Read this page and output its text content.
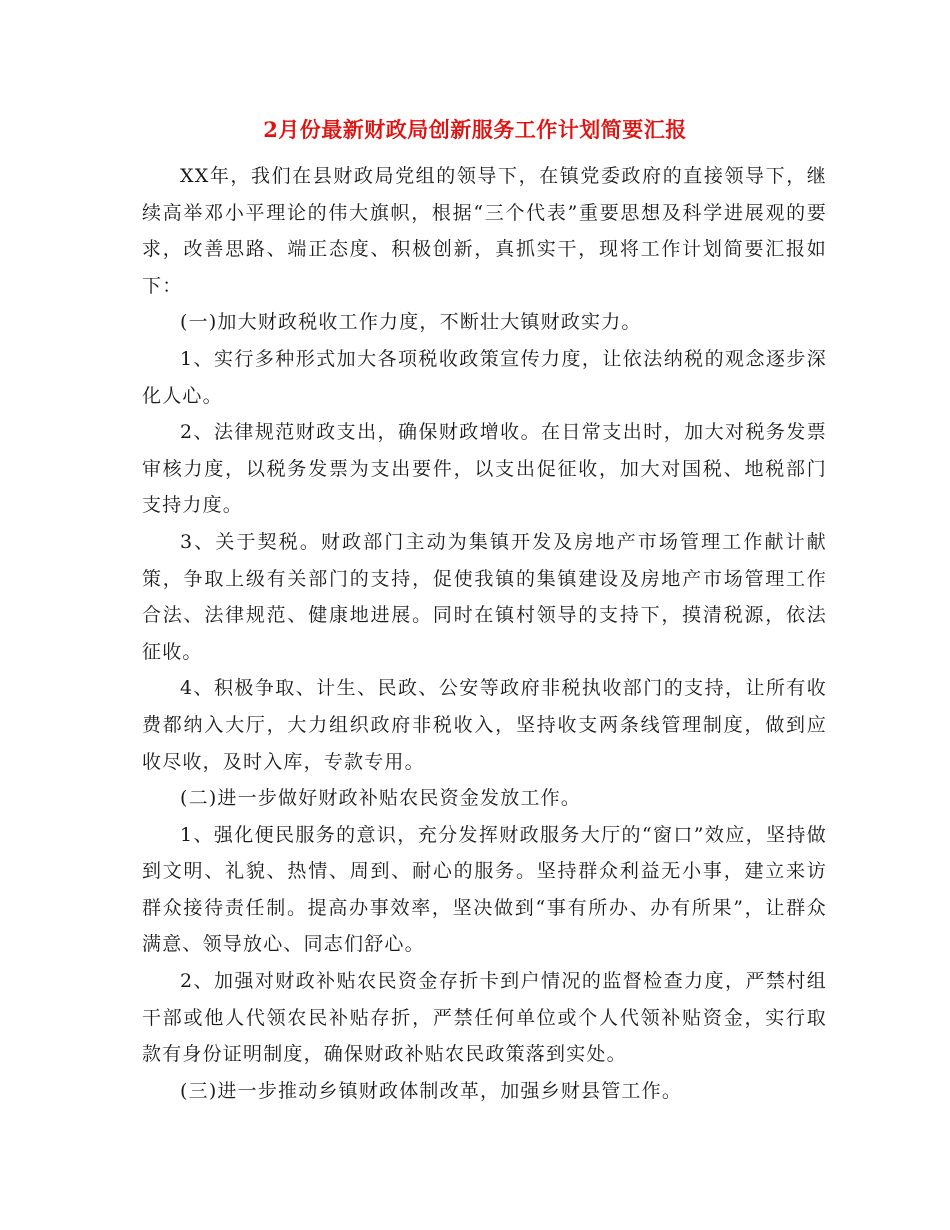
2月份最新财政局创新服务工作计划简要汇报

XX年，我们在县财政局党组的领导下，在镇党委政府的直接领导下，继续高举邓小平理论的伟大旗帜，根据“三个代表”重要思想及科学进展观的要求，改善思路、端正态度、积极创新，真抓实干，现将工作计划简要汇报如下：

(一)加大财政税收工作力度，不断壮大镇财政实力。

1、实行多种形式加大各项税收政策宣传力度，让依法纳税的观念逐步深化人心。

2、法律规范财政支出，确保财政增收。在日常支出时，加大对税务发票审核力度，以税务发票为支出要件，以支出促征收，加大对国税、地税部门支持力度。

3、关于契税。财政部门主动为集镇开发及房地产市场管理工作献计献策，争取上级有关部门的支持，促使我镇的集镇建设及房地产市场管理工作合法、法律规范、健康地进展。同时在镇村领导的支持下，摸清税源，依法征收。

4、积极争取、计生、民政、公安等政府非税执收部门的支持，让所有收费都纳入大厅，大力组织政府非税收入，坚持收支两条线管理制度，做到应收尽收，及时入库，专款专用。

(二)进一步做好财政补贴农民资金发放工作。

1、强化便民服务的意识，充分发挥财政服务大厅的“窗口”效应，坚持做到文明、礼貌、热情、周到、耐心的服务。坚持群众利益无小事，建立来访群众接待责任制。提高办事效率，坚决做到“事有所办、办有所果”，让群众满意、领导放心、同志们舒心。

2、加强对财政补贴农民资金存折卡到户情况的监督检查力度，严禁村组干部或他人代领农民补贴存折，严禁任何单位或个人代领补贴资金，实行取款有身份证明制度，确保财政补贴农民政策落到实处。

(三)进一步推动乡镇财政体制改革，加强乡财县管工作。
